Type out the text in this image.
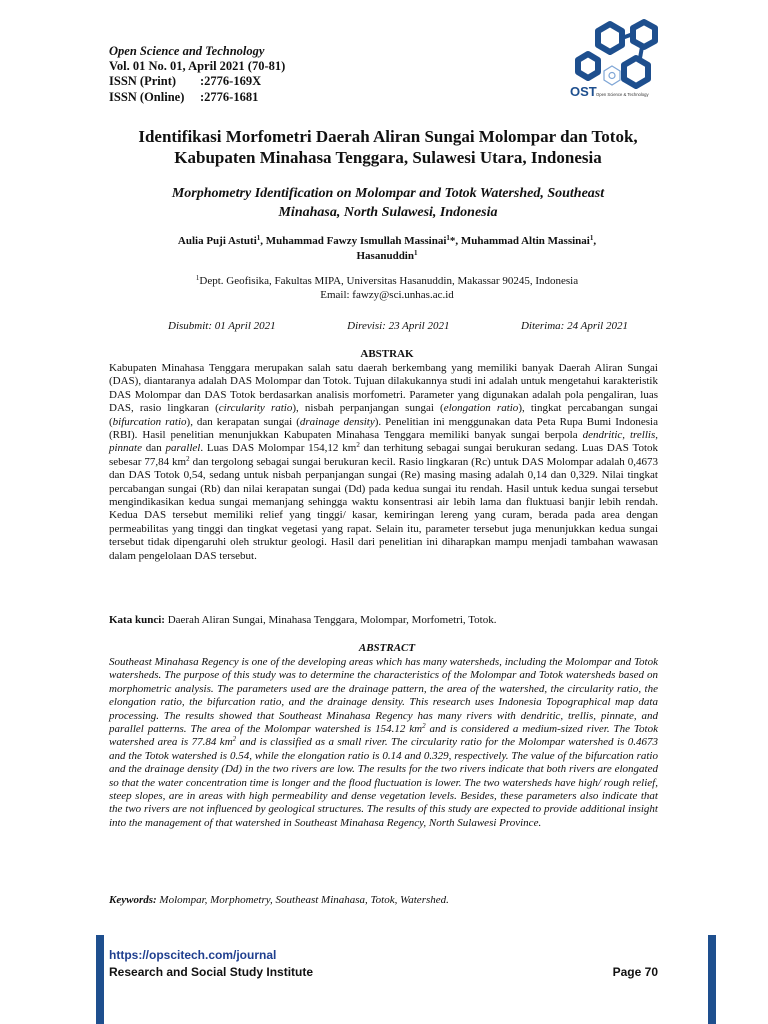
Open Science and Technology
Vol. 01 No. 01, April 2021 (70-81)
ISSN (Print) :2776-169X
ISSN (Online) :2776-1681	OST Open Science & Technology
Identifikasi Morfometri Daerah Aliran Sungai Molompar dan Totok,
Kabupaten Minahasa Tenggara, Sulawesi Utara, Indonesia
Morphometry Identification on Molompar and Totok Watershed, Southeast
Minahasa, North Sulawesi, Indonesia
Aulia Puji Astuti$^1$, Muhammad Fawzy Ismullah Massinai$^1$*, Muhammad Altin Massinai$^1$,
Hasanuddin$^1$
$^1$Dept. Geofisika, Fakultas MIPA, Universitas Hasanuddin, Makassar 90245, Indonesia
Email: fawzy@sci.unhas.ac.id
Disubmit: 01 April 2021	Direvisi: 23 April 2021	Diterima: 24 April 2021
ABSTRAK
Kabupaten Minahasa Tenggara merupakan salah satu daerah berkembang yang memiliki banyak Daerah Aliran Sungai (DAS), diantaranya adalah DAS Molompar dan Totok. Tujuan dilakukannya studi ini adalah untuk mengetahui karakteristik DAS Molompar dan DAS Totok berdasarkan analisis morfometri. Parameter yang digunakan adalah pola pengaliran, luas DAS, rasio lingkaran (circularity ratio), nisbah perpanjangan sungai (elongation ratio), tingkat percabangan sungai (bifurcation ratio), dan kerapatan sungai (drainage density). Penelitian ini menggunakan data Peta Rupa Bumi Indonesia (RBI). Hasil penelitian menunjukkan Kabupaten Minahasa Tenggara memiliki banyak sungai berpola dendritic, trellis, pinnate dan parallel. Luas DAS Molompar 154,12 $km^2$ dan terhitung sebagai sungai berukuran sedang. Luas DAS Totok sebesar 77,84 $km^2$ dan tergolong sebagai sungai berukuran kecil. Rasio lingkaran (Rc) untuk DAS Molompar adalah 0,4673 dan DAS Totok 0,54, sedang untuk nisbah perpanjangan sungai (Re) masing masing adalah 0,14 dan 0,329. Nilai tingkat percabangan sungai (Rb) dan nilai kerapatan sungai (Dd) pada kedua sungai itu rendah. Hasil untuk kedua sungai tersebut mengindikasikan kedua sungai memanjang sehingga waktu konsentrasi air lebih lama dan fluktuasi banjir lebih rendah. Kedua DAS tersebut memiliki relief yang tinggi/ kasar, kemiringan lereng yang curam, berada pada area dengan permeabilitas yang tinggi dan tingkat vegetasi yang rapat. Selain itu, parameter tersebut juga menunjukkan kedua sungai tersebut tidak dipengaruhi oleh struktur geologi. Hasil dari penelitian ini diharapkan mampu menjadi tambahan wawasan dalam pengelolaan DAS tersebut.
Kata kunci: Daerah Aliran Sungai, Minahasa Tenggara, Molompar, Morfometri, Totok.
ABSTRACT
Southeast Minahasa Regency is one of the developing areas which has many watersheds, including the Molompar and Totok watersheds. The purpose of this study was to determine the characteristics of the Molompar and Totok watersheds based on morphometric analysis. The parameters used are the drainage pattern, the area of the watershed, the circularity ratio, the elongation ratio, the bifurcation ratio, and the drainage density. This research uses Indonesia Topographical map data processing. The results showed that Southeast Minahasa Regency has many rivers with dendritic, trellis, pinnate, and parallel patterns. The area of the Molompar watershed is 154.12 $km^2$ and is considered a medium-sized river. The Totok watershed area is 77.84 $km^2$ and is classified as a small river. The circularity ratio for the Molompar watershed is 0.4673 and the Totok watershed is 0.54, while the elongation ratio is 0.14 and 0.329, respectively. The value of the bifurcation ratio and the drainage density (Dd) in the two rivers are low. The results for the two rivers indicate that both rivers are elongated so that the water concentration time is longer and the flood fluctuation is lower. The two watersheds have high/ rough relief, steep slopes, are in areas with high permeability and dense vegetation levels. Besides, these parameters also indicate that the two rivers are not influenced by geological structures. The results of this study are expected to provide additional insight into the management of that watershed in Southeast Minahasa Regency, North Sulawesi Province.
Keywords: Molompar, Morphometry, Southeast Minahasa, Totok, Watershed.
https://opscitech.com/journal
Research and Social Study Institute	Page 70
